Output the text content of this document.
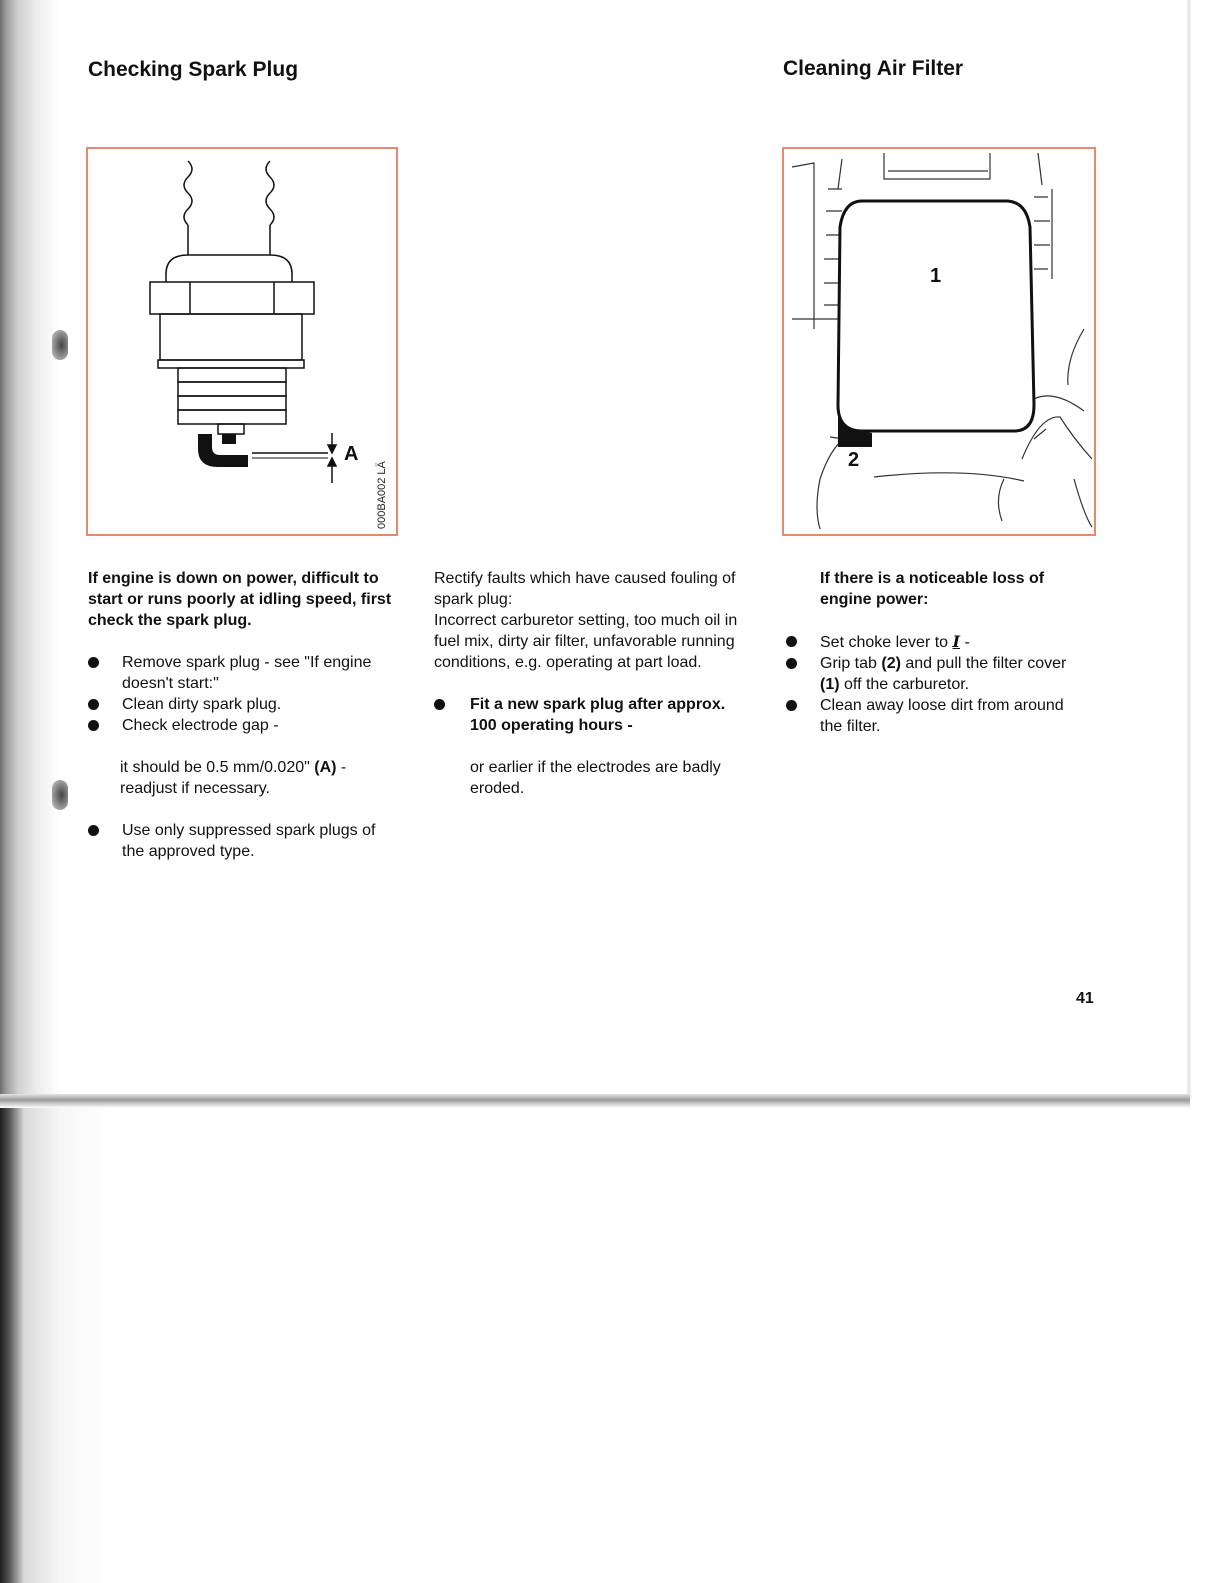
Checking Spark Plug	Cleaning Air Filter
A
000BA002 LÄ
1
2

If engine is down on power, difficult to start or runs poorly at idling speed, first check the spark plug.

Remove spark plug - see "If engine doesn't start:"
Clean dirty spark plug.
Check electrode gap -

it should be 0.5 mm/0.020" (A) -
readjust if necessary.

Use only suppressed spark plugs of the approved type.

Rectify faults which have caused fouling of spark plug:

Incorrect carburetor setting, too much oil in fuel mix, dirty air filter, unfavorable running conditions, e.g. operating at part load.

Fit a new spark plug after approx. 100 operating hours -

or earlier if the electrodes are badly eroded.

If there is a noticeable loss of engine power:

Set choke lever to I -
Grip tab (2) and pull the filter cover (1) off the carburetor.
Clean away loose dirt from around the filter.
41
